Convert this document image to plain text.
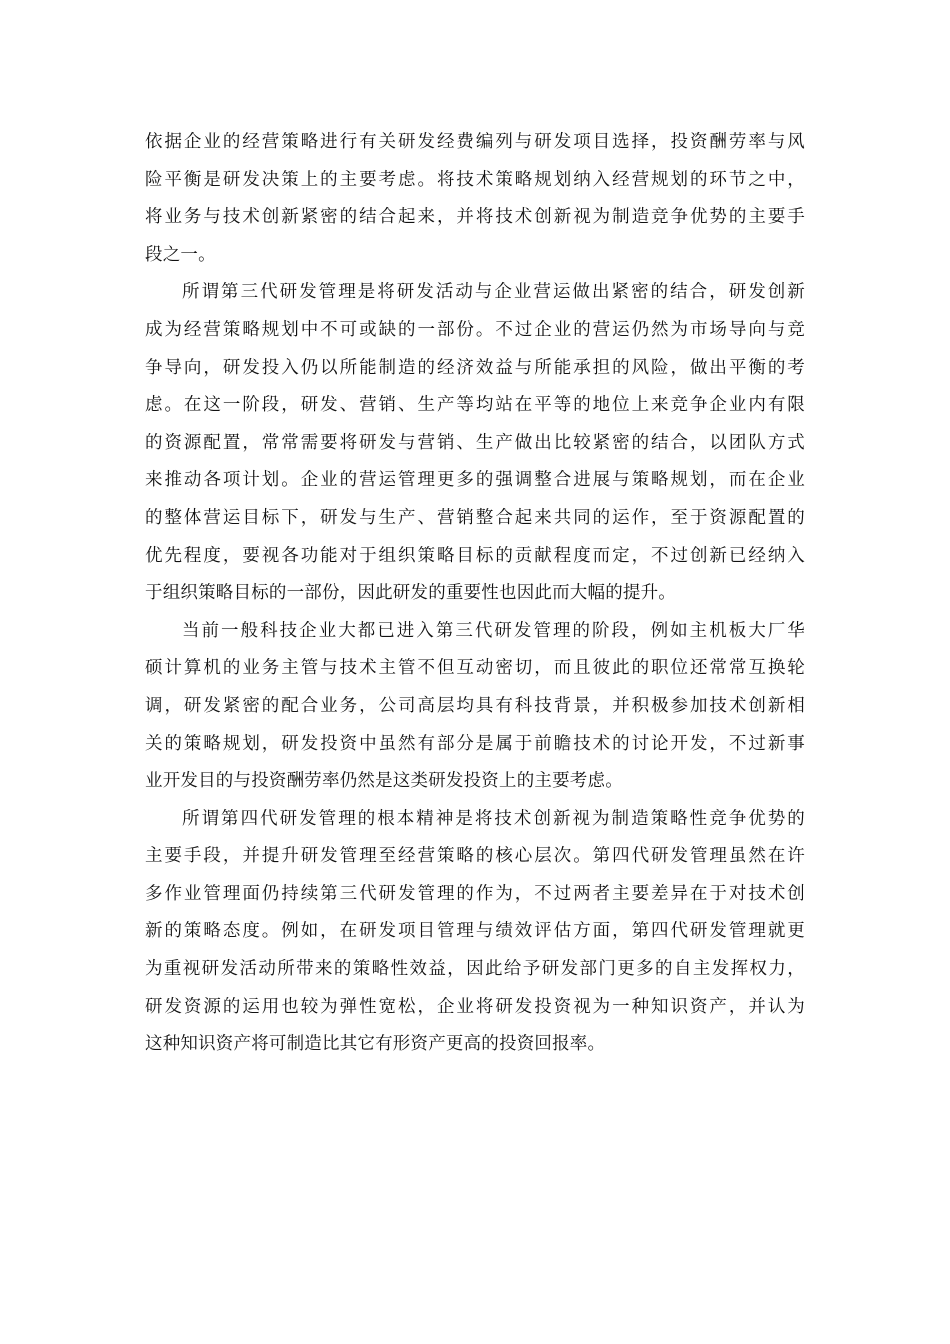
依据企业的经营策略进行有关研发经费编列与研发项目选择，投资酬劳率与风
险平衡是研发决策上的主要考虑。将技术策略规划纳入经营规划的环节之中，
将业务与技术创新紧密的结合起来，并将技术创新视为制造竞争优势的主要手
段之一。
所谓第三代研发管理是将研发活动与企业营运做出紧密的结合，研发创新
成为经营策略规划中不可或缺的一部份。不过企业的营运仍然为市场导向与竞
争导向，研发投入仍以所能制造的经济效益与所能承担的风险，做出平衡的考
虑。在这一阶段，研发、营销、生产等均站在平等的地位上来竞争企业内有限
的资源配置，常常需要将研发与营销、生产做出比较紧密的结合，以团队方式
来推动各项计划。企业的营运管理更多的强调整合进展与策略规划，而在企业
的整体营运目标下，研发与生产、营销整合起来共同的运作，至于资源配置的
优先程度，要视各功能对于组织策略目标的贡献程度而定，不过创新已经纳入
于组织策略目标的一部份，因此研发的重要性也因此而大幅的提升。
当前一般科技企业大都已进入第三代研发管理的阶段，例如主机板大厂华
硕计算机的业务主管与技术主管不但互动密切，而且彼此的职位还常常互换轮
调，研发紧密的配合业务，公司高层均具有科技背景，并积极参加技术创新相
关的策略规划，研发投资中虽然有部分是属于前瞻技术的讨论开发，不过新事
业开发目的与投资酬劳率仍然是这类研发投资上的主要考虑。
所谓第四代研发管理的根本精神是将技术创新视为制造策略性竞争优势的
主要手段，并提升研发管理至经营策略的核心层次。第四代研发管理虽然在许
多作业管理面仍持续第三代研发管理的作为，不过两者主要差异在于对技术创
新的策略态度。例如，在研发项目管理与绩效评估方面，第四代研发管理就更
为重视研发活动所带来的策略性效益，因此给予研发部门更多的自主发挥权力，
研发资源的运用也较为弹性宽松，企业将研发投资视为一种知识资产，并认为
这种知识资产将可制造比其它有形资产更高的投资回报率。
